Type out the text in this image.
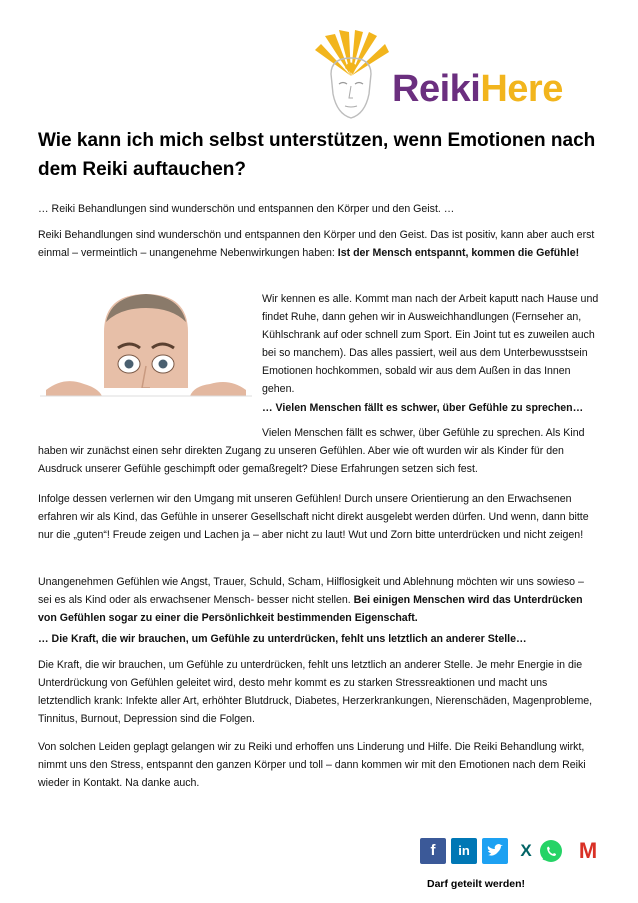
ReikiHere
Wie kann ich mich selbst unterstützen, wenn Emotionen nach dem Reiki auftauchen?

… Reiki Behandlungen sind wunderschön und entspannen den Körper und den Geist. …

Reiki Behandlungen sind wunderschön und entspannen den Körper und den Geist. Das ist positiv, kann aber auch erst einmal – vermeintlich – unangenehme Nebenwirkungen haben: Ist der Mensch entspannt, kommen die Gefühle!

Wir kennen es alle. Kommt man nach der Arbeit kaputt nach Hause und findet Ruhe, dann gehen wir in Ausweichhandlungen (Fernseher an, Kühlschrank auf oder schnell zum Sport. Ein Joint tut es zuweilen auch bei so manchem). Das alles passiert, weil aus dem Unterbewusstsein Emotionen hochkommen, sobald wir aus dem Außen in das Innen gehen.

… Vielen Menschen fällt es schwer, über Gefühle zu sprechen…

Vielen Menschen fällt es schwer, über Gefühle zu sprechen. Als Kind

haben wir zunächst einen sehr direkten Zugang zu unseren Gefühlen. Aber wie oft wurden wir als Kinder für den Ausdruck unserer Gefühle geschimpft oder gemaßregelt? Diese Erfahrungen setzen sich fest.

Infolge dessen verlernen wir den Umgang mit unseren Gefühlen! Durch unsere Orientierung an den Erwachsenen erfahren wir als Kind, das Gefühle in unserer Gesellschaft nicht direkt ausgelebt werden dürfen. Und wenn, dann bitte nur die „guten“! Freude zeigen und Lachen ja – aber nicht zu laut! Wut und Zorn bitte unterdrücken und nicht zeigen!

Unangenehmen Gefühlen wie Angst, Trauer, Schuld, Scham, Hilflosigkeit und Ablehnung möchten wir uns sowieso – sei es als Kind oder als erwachsener Mensch- besser nicht stellen. Bei einigen Menschen wird das Unterdrücken von Gefühlen sogar zu einer die Persönlichkeit bestimmenden Eigenschaft.

… Die Kraft, die wir brauchen, um Gefühle zu unterdrücken, fehlt uns letztlich an anderer Stelle…

Die Kraft, die wir brauchen, um Gefühle zu unterdrücken, fehlt uns letztlich an anderer Stelle. Je mehr Energie in die Unterdrückung von Gefühlen geleitet wird, desto mehr kommt es zu starken Stressreaktionen und macht uns letztendlich krank: Infekte aller Art, erhöhter Blutdruck, Diabetes, Herzerkrankungen, Nierenschäden, Magenprobleme, Tinnitus, Burnout, Depression sind die Folgen.

Von solchen Leiden geplagt gelangen wir zu Reiki und erhoffen uns Linderung und Hilfe. Die Reiki Behandlung wirkt, nimmt uns den Stress, entspannt den ganzen Körper und toll – dann kommen wir mit den Emotionen nach dem Reiki wieder in Kontakt. Na danke auch.

f	in	X	M
Darf geteilt werden!
